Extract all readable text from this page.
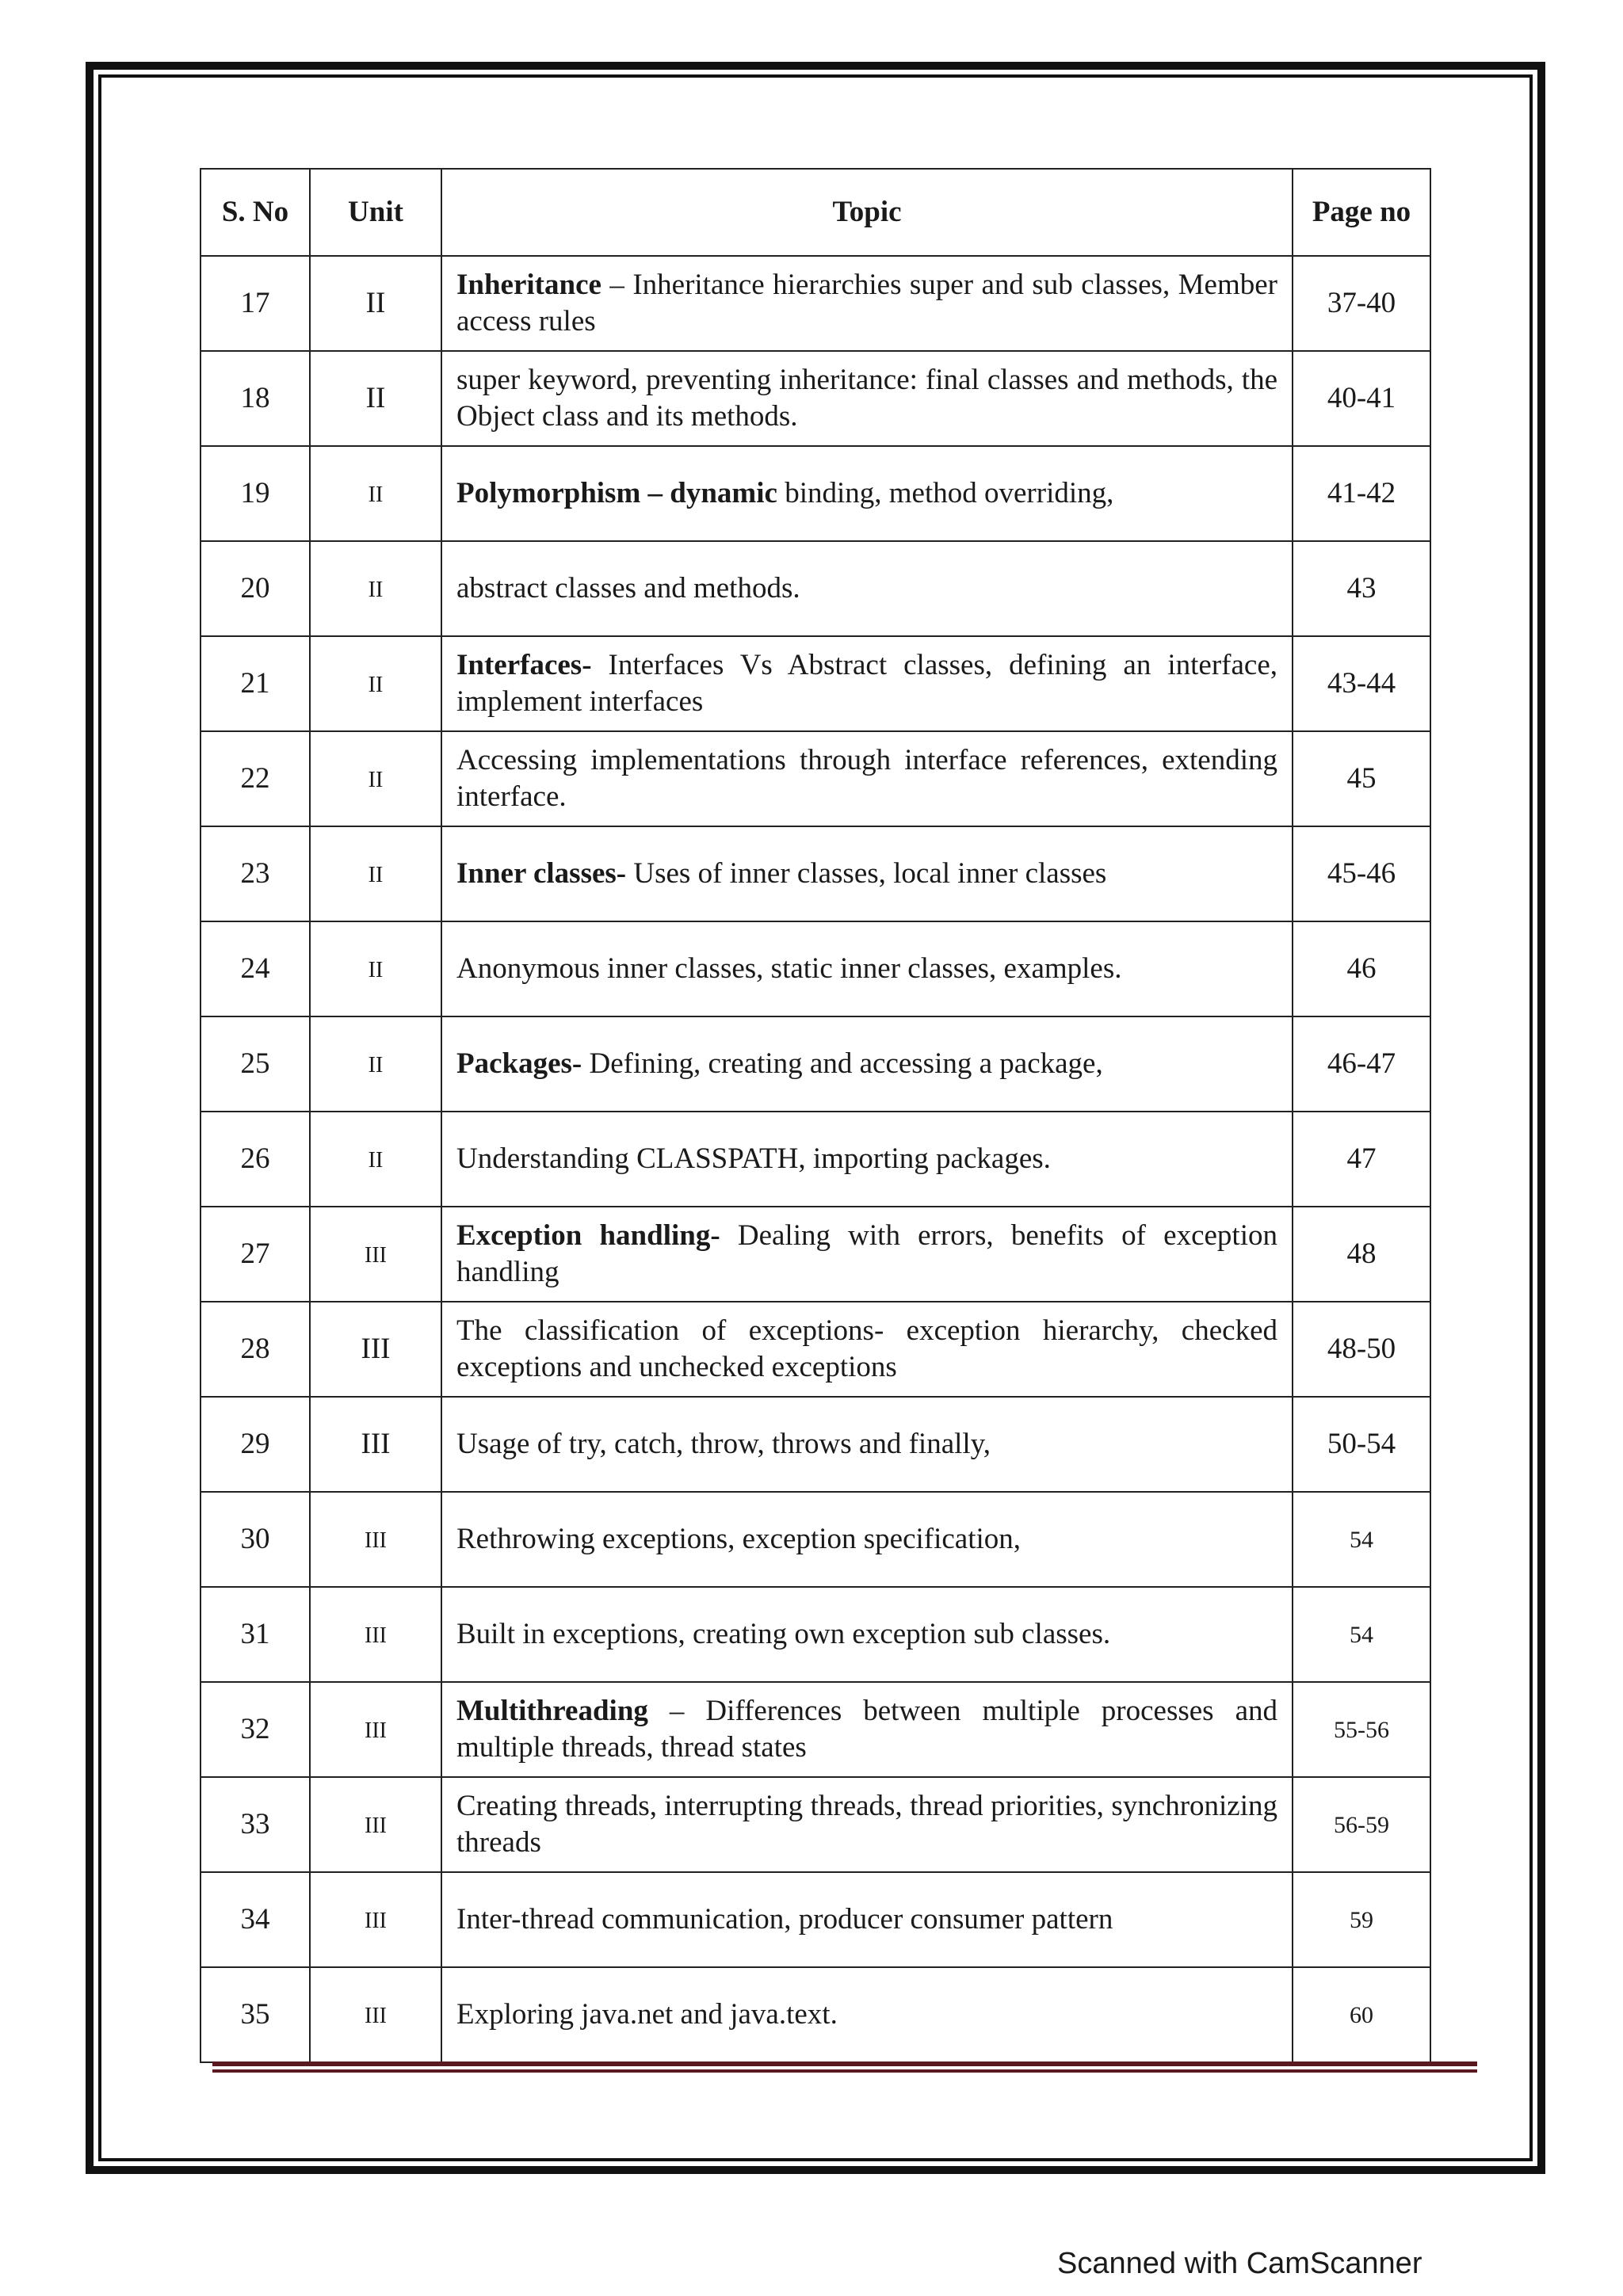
S. No	Unit	Topic	Page no
17	II	Inheritance – Inheritance hierarchies super and sub classes, Member access rules	37-40
18	II	super keyword, preventing inheritance: final classes and methods, the Object class and its methods.	40-41
19	II	Polymorphism – dynamic binding, method overriding,	41-42
20	II	abstract classes and methods.	43
21	II	Interfaces- Interfaces Vs Abstract classes, defining an interface, implement interfaces	43-44
22	II	Accessing implementations through interface references, extending interface.	45
23	II	Inner classes- Uses of inner classes, local inner classes	45-46
24	II	Anonymous inner classes, static inner classes, examples.	46
25	II	Packages- Defining, creating and accessing a package,	46-47
26	II	Understanding CLASSPATH, importing packages.	47
27	III	Exception handling- Dealing with errors, benefits of exception handling	48
28	III	The classification of exceptions- exception hierarchy, checked exceptions and unchecked exceptions	48-50
29	III	Usage of try, catch, throw, throws and finally,	50-54
30	III	Rethrowing exceptions, exception specification,	54
31	III	Built in exceptions, creating own exception sub classes.	54
32	III	Multithreading – Differences between multiple processes and multiple threads, thread states	55-56
33	III	Creating threads, interrupting threads, thread priorities, synchronizing threads	56-59
34	III	Inter-thread communication, producer consumer pattern	59
35	III	Exploring java.net and java.text.	60
Scanned with CamScanner
